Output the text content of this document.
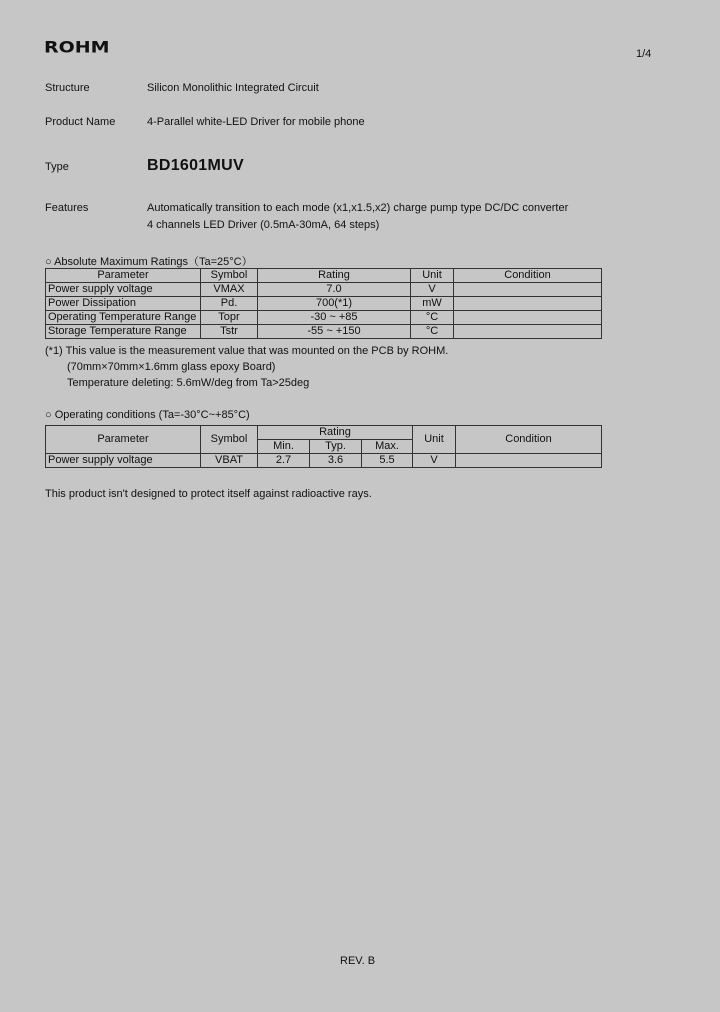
ROHM	1/4
Structure	Silicon Monolithic Integrated Circuit
Product Name	4-Parallel white-LED Driver for mobile phone
Type	BD1601MUV
Features	Automatically transition to each mode (x1,x1.5,x2) charge pump type DC/DC converter
4 channels LED Driver (0.5mA-30mA, 64 steps)
○ Absolute Maximum Ratings（Ta=25°C）
Parameter	Symbol	Rating	Unit	Condition
Power supply voltage	VMAX	7.0	V	
Power Dissipation	Pd.	700(*1)	mW	
Operating Temperature Range	Topr	-30 ~ +85	°C	
Storage Temperature Range	Tstr	-55 ~ +150	°C	
(*1) This value is the measurement value that was mounted on the PCB by ROHM.
(70mm×70mm×1.6mm glass epoxy Board)
Temperature deleting: 5.6mW/deg from Ta>25deg
○ Operating conditions (Ta=-30°C~+85°C)
Parameter	Symbol	Rating			Unit	Condition
		Min.	Typ.	Max.		
Power supply voltage	VBAT	2.7	3.6	5.5	V	
This product isn't designed to protect itself against radioactive rays.
REV. B
